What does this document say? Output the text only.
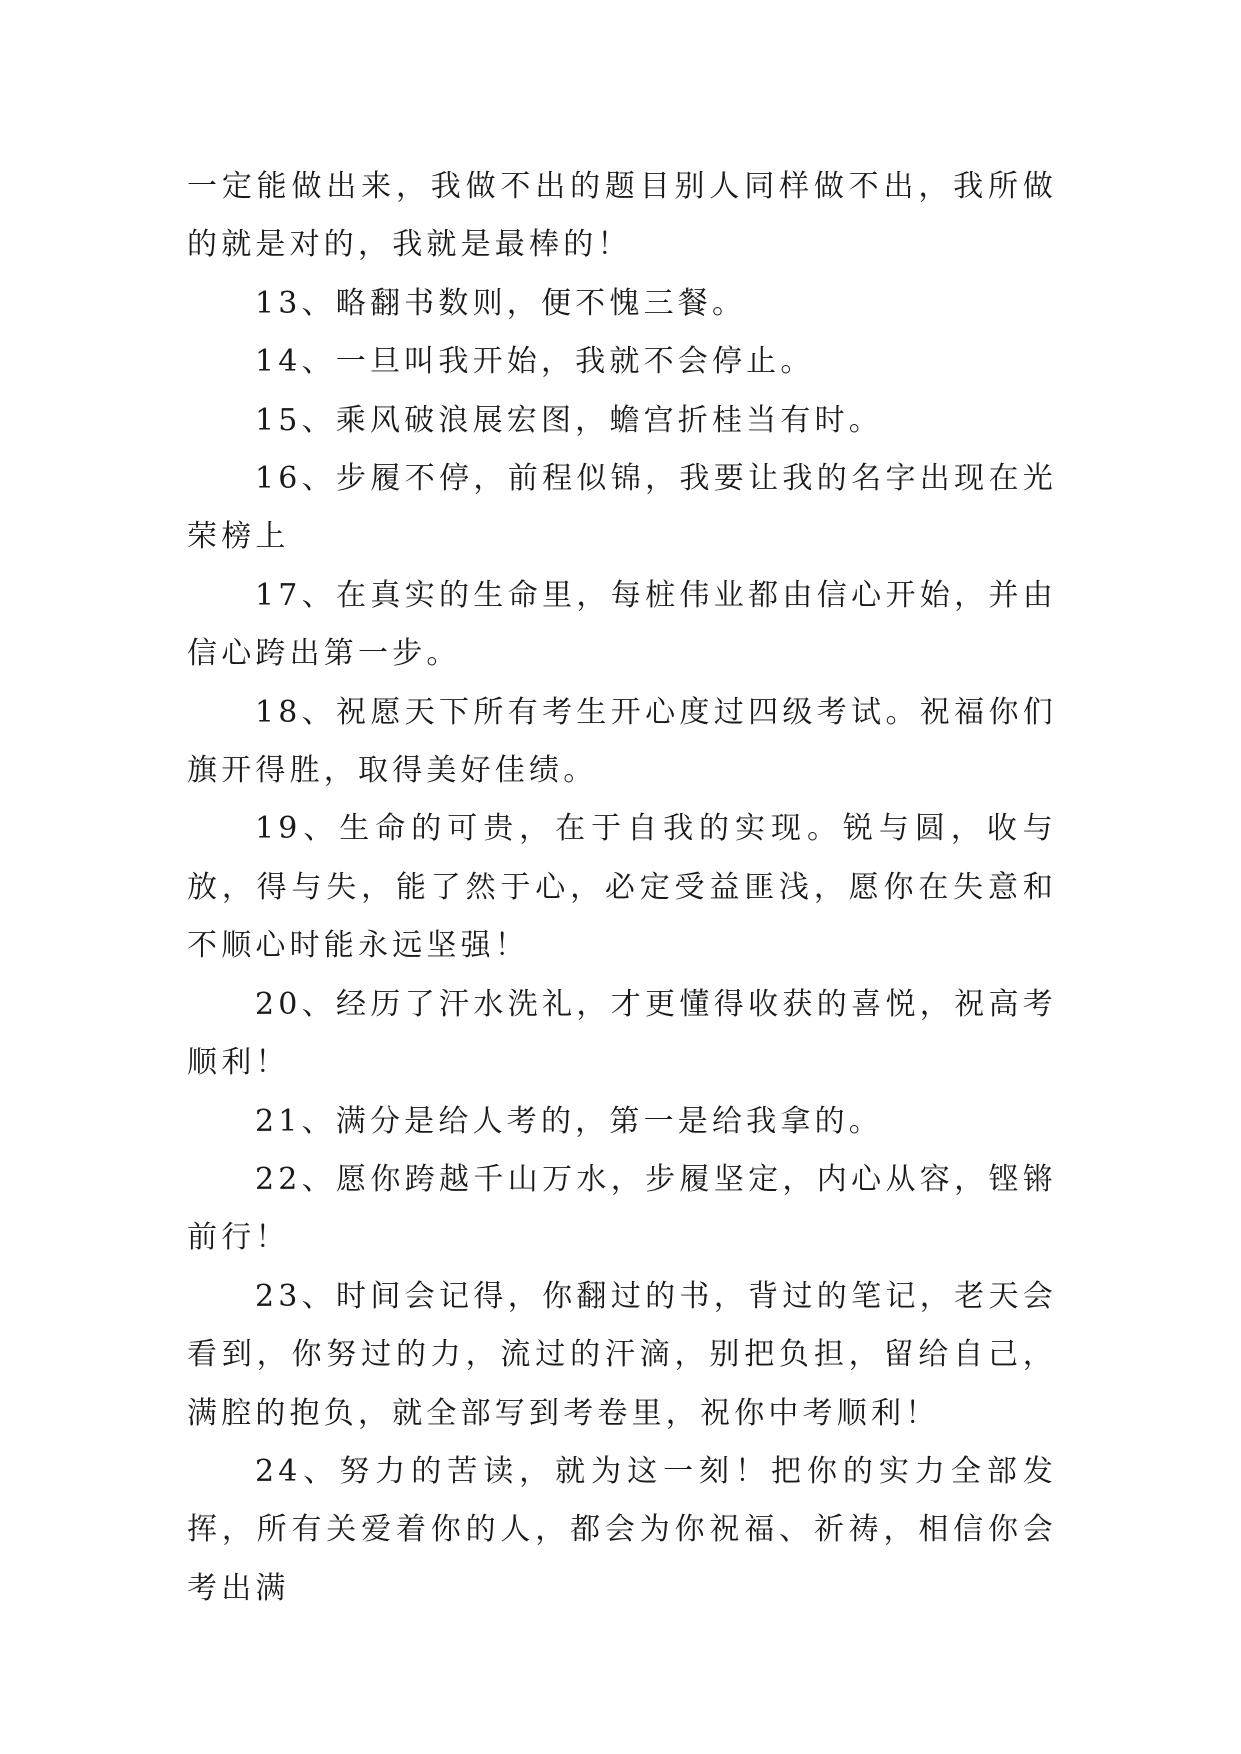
一定能做出来，我做不出的题目别人同样做不出，我所做的就是对的，我就是最棒的！

13、略翻书数则，便不愧三餐。

14、一旦叫我开始，我就不会停止。

15、乘风破浪展宏图，蟾宫折桂当有时。

16、步履不停，前程似锦，我要让我的名字出现在光荣榜上

17、在真实的生命里，每桩伟业都由信心开始，并由信心跨出第一步。

18、祝愿天下所有考生开心度过四级考试。祝福你们旗开得胜，取得美好佳绩。

19、生命的可贵，在于自我的实现。锐与圆，收与放，得与失，能了然于心，必定受益匪浅，愿你在失意和不顺心时能永远坚强！

20、经历了汗水洗礼，才更懂得收获的喜悦，祝高考顺利！

21、满分是给人考的，第一是给我拿的。

22、愿你跨越千山万水，步履坚定，内心从容，铿锵前行！

23、时间会记得，你翻过的书，背过的笔记，老天会看到，你努过的力，流过的汗滴，别把负担，留给自己，满腔的抱负，就全部写到考卷里，祝你中考顺利！

24、努力的苦读，就为这一刻！把你的实力全部发挥，所有关爱着你的人，都会为你祝福、祈祷，相信你会考出满
